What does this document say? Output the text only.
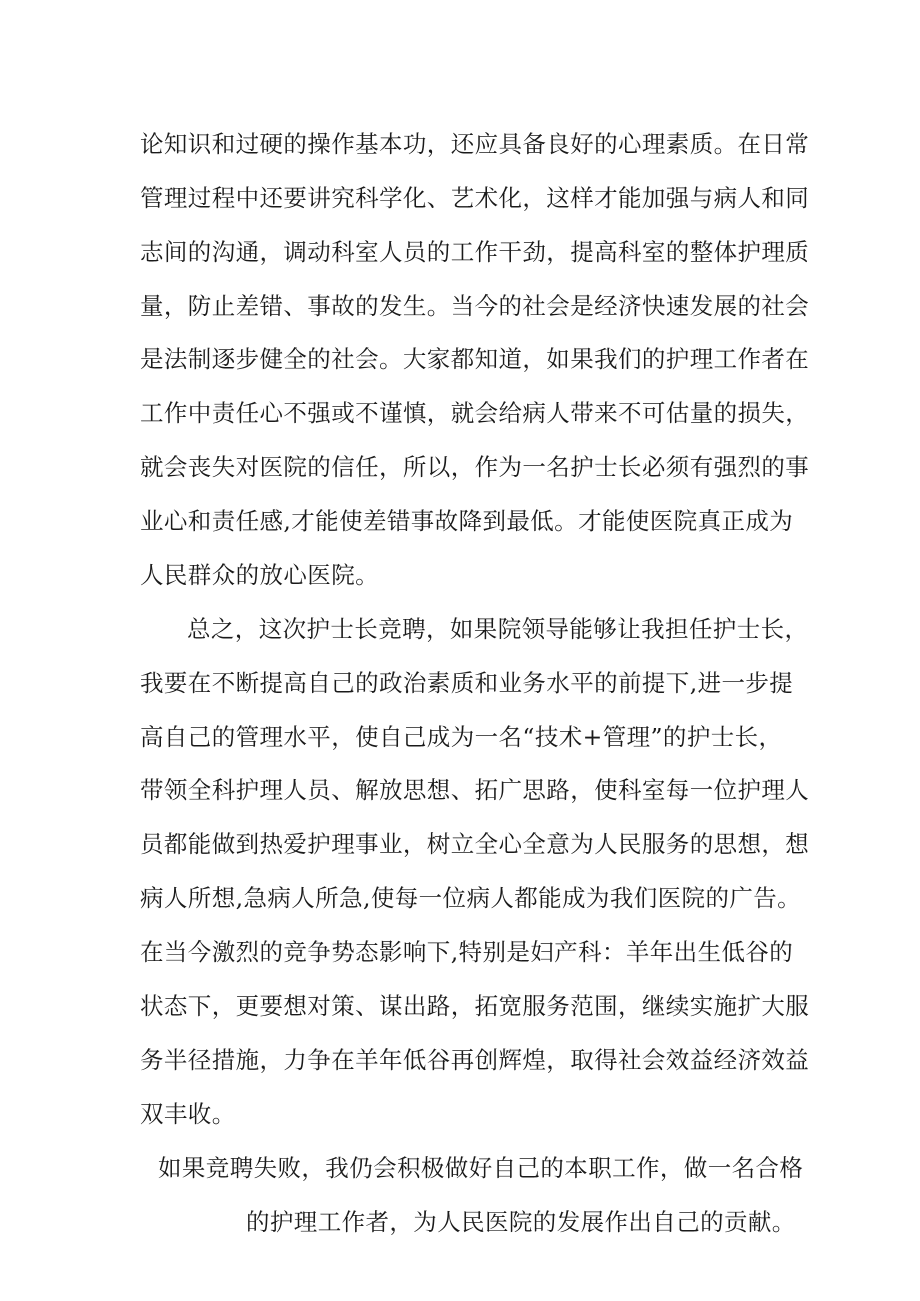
论知识和过硬的操作基本功，还应具备良好的心理素质。在日常
管理过程中还要讲究科学化、艺术化，这样才能加强与病人和同
志间的沟通，调动科室人员的工作干劲，提高科室的整体护理质
量，防止差错、事故的发生。当今的社会是经济快速发展的社会
是法制逐步健全的社会。大家都知道，如果我们的护理工作者在
工作中责任心不强或不谨慎，就会给病人带来不可估量的损失，
就会丧失对医院的信任，所以，作为一名护士长必须有强烈的事
业心和责任感,才能使差错事故降到最低。才能使医院真正成为
人民群众的放心医院。
总之，这次护士长竞聘，如果院领导能够让我担任护士长，
我要在不断提高自己的政治素质和业务水平的前提下,进一步提
高自己的管理水平，使自己成为一名“技术+管理”的护士长，
带领全科护理人员、解放思想、拓广思路，使科室每一位护理人
员都能做到热爱护理事业，树立全心全意为人民服务的思想，想
病人所想,急病人所急,使每一位病人都能成为我们医院的广告。
在当今激烈的竞争势态影响下,特别是妇产科：羊年出生低谷的
状态下，更要想对策、谋出路，拓宽服务范围，继续实施扩大服
务半径措施，力争在羊年低谷再创辉煌，取得社会效益经济效益
双丰收。
如果竞聘失败，我仍会积极做好自己的本职工作，做一名合格
的护理工作者，为人民医院的发展作出自己的贡献。
